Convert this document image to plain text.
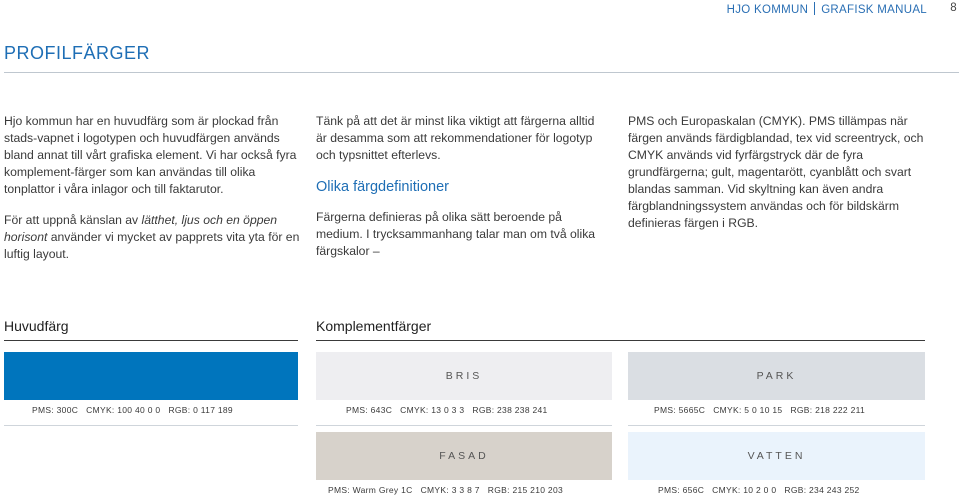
HJO KOMMUN GRAFISK MANUAL 8
PROFILFÄRGER

Hjo kommun har en huvudfärg som är plockad från stads-vapnet i logotypen och huvudfärgen används bland annat till vårt grafiska element. Vi har också fyra komplement-färger som kan användas till olika tonplattor i våra inlagor och till faktarutor.

För att uppnå känslan av lätthet, ljus och en öppen horisont använder vi mycket av papprets vita yta för en luftig layout.

Tänk på att det är minst lika viktigt att färgerna alltid är desamma som att rekommendationer för logotyp och typsnittet efterlevs.

Olika färgdefinitioner

Färgerna definieras på olika sätt beroende på medium. I trycksammanhang talar man om två olika färgskalor –

PMS och Europaskalan (CMYK). PMS tillämpas när färgen används färdigblandad, tex vid screentryck, och CMYK används vid fyrfärgstryck där de fyra grundfärgerna; gult, magentarött, cyanblått och svart blandas samman. Vid skyltning kan även andra färgblandningssystem användas och för bildskärm definieras färgen i RGB.

Huvudfärg	Komplementfärger
PMS: 300C CMYK: 100 40 0 0 RGB: 0 117 189
BRIS
PMS: 643C CMYK: 13 0 3 3 RGB: 238 238 241
PARK
PMS: 5665C CMYK: 5 0 10 15 RGB: 218 222 211
FASAD
PMS: Warm Grey 1C CMYK: 3 3 8 7 RGB: 215 210 203
VATTEN
PMS: 656C CMYK: 10 2 0 0 RGB: 234 243 252
